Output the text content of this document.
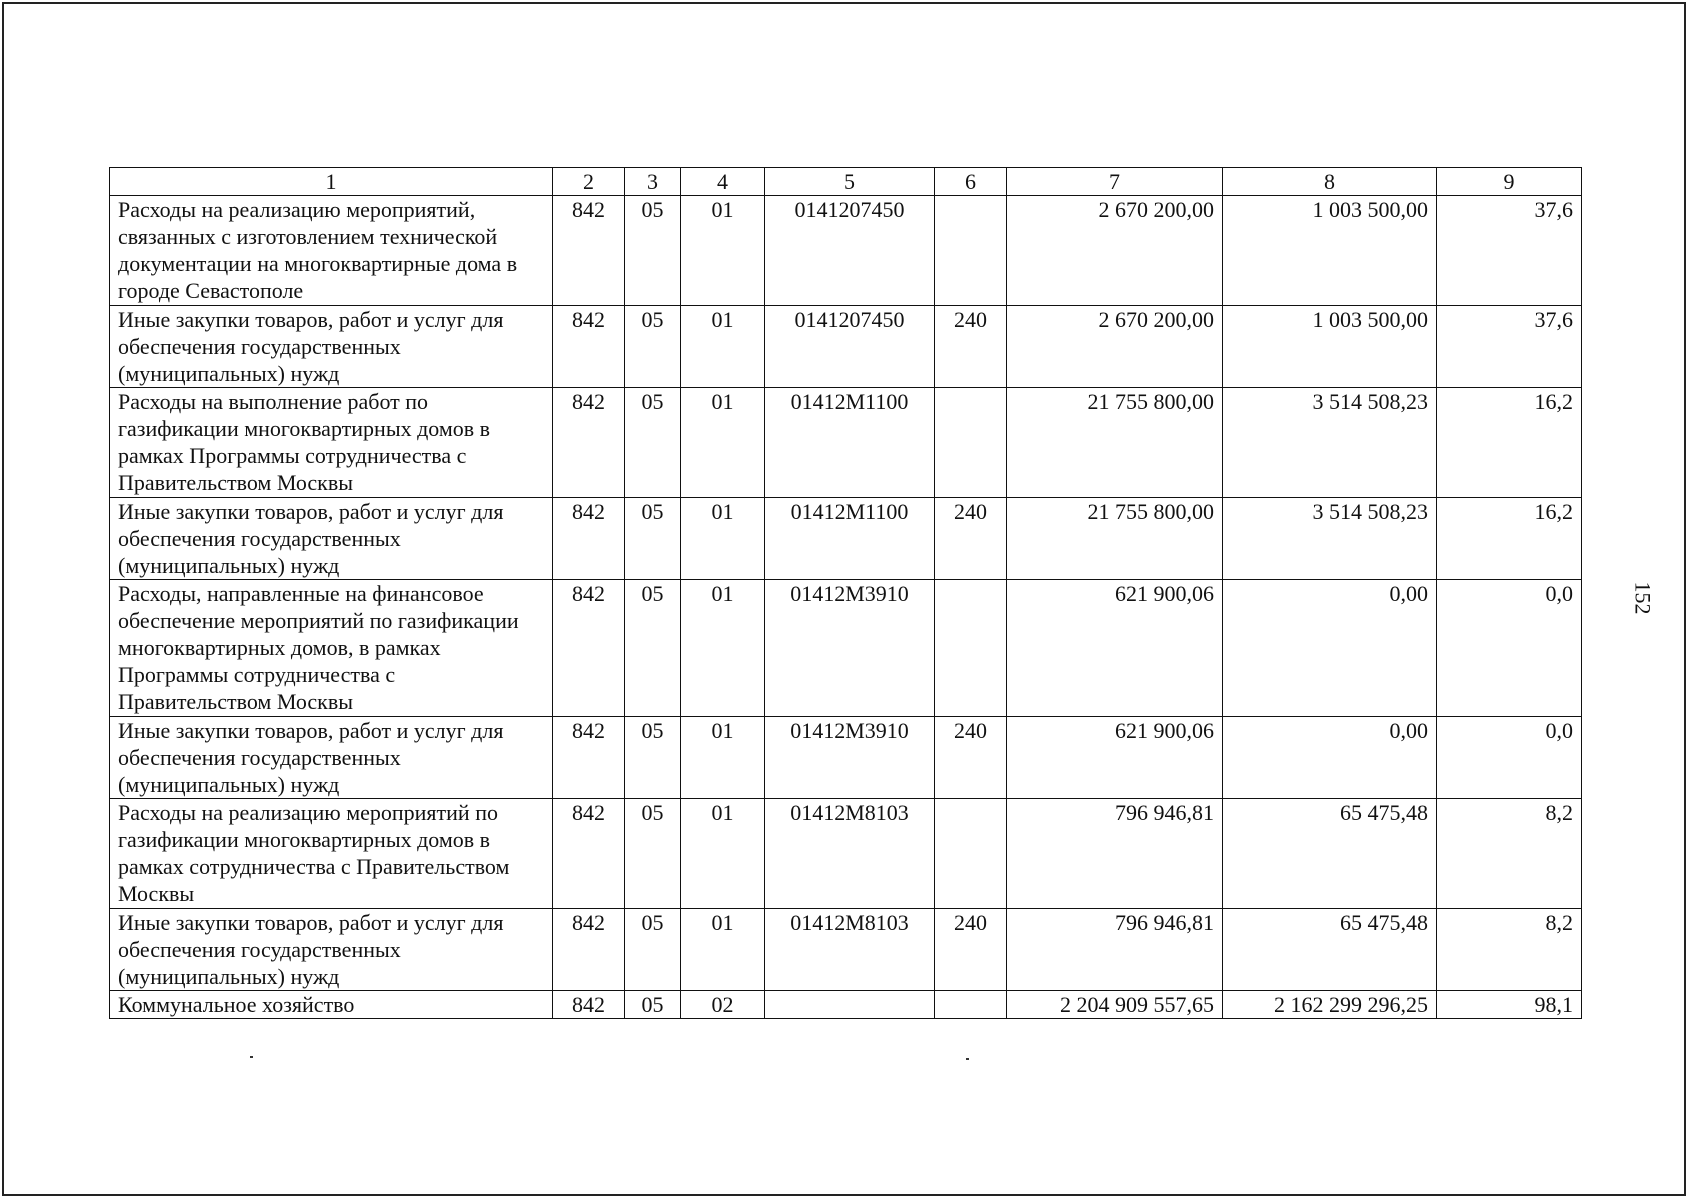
1	2	3	4	5	6	7	8	9
Расходы на реализацию мероприятий, связанных с изготовлением технической документации на многоквартирные дома в городе Севастополе	842	05	01	0141207450		2 670 200,00	1 003 500,00	37,6
Иные закупки товаров, работ и услуг для обеспечения государственных (муниципальных) нужд	842	05	01	0141207450	240	2 670 200,00	1 003 500,00	37,6
Расходы на выполнение работ по газификации многоквартирных домов в рамках Программы сотрудничества с Правительством Москвы	842	05	01	01412М1100		21 755 800,00	3 514 508,23	16,2
Иные закупки товаров, работ и услуг для обеспечения государственных (муниципальных) нужд	842	05	01	01412М1100	240	21 755 800,00	3 514 508,23	16,2
Расходы, направленные на финансовое обеспечение мероприятий по газификации многоквартирных домов, в рамках Программы сотрудничества с Правительством Москвы	842	05	01	01412М3910		621 900,06	0,00	0,0
Иные закупки товаров, работ и услуг для обеспечения государственных (муниципальных) нужд	842	05	01	01412М3910	240	621 900,06	0,00	0,0
Расходы на реализацию мероприятий по газификации многоквартирных домов в рамках сотрудничества с Правительством Москвы	842	05	01	01412М8103		796 946,81	65 475,48	8,2
Иные закупки товаров, работ и услуг для обеспечения государственных (муниципальных) нужд	842	05	01	01412М8103	240	796 946,81	65 475,48	8,2
Коммунальное хозяйство	842	05	02			2 204 909 557,65	2 162 299 296,25	98,1
152
